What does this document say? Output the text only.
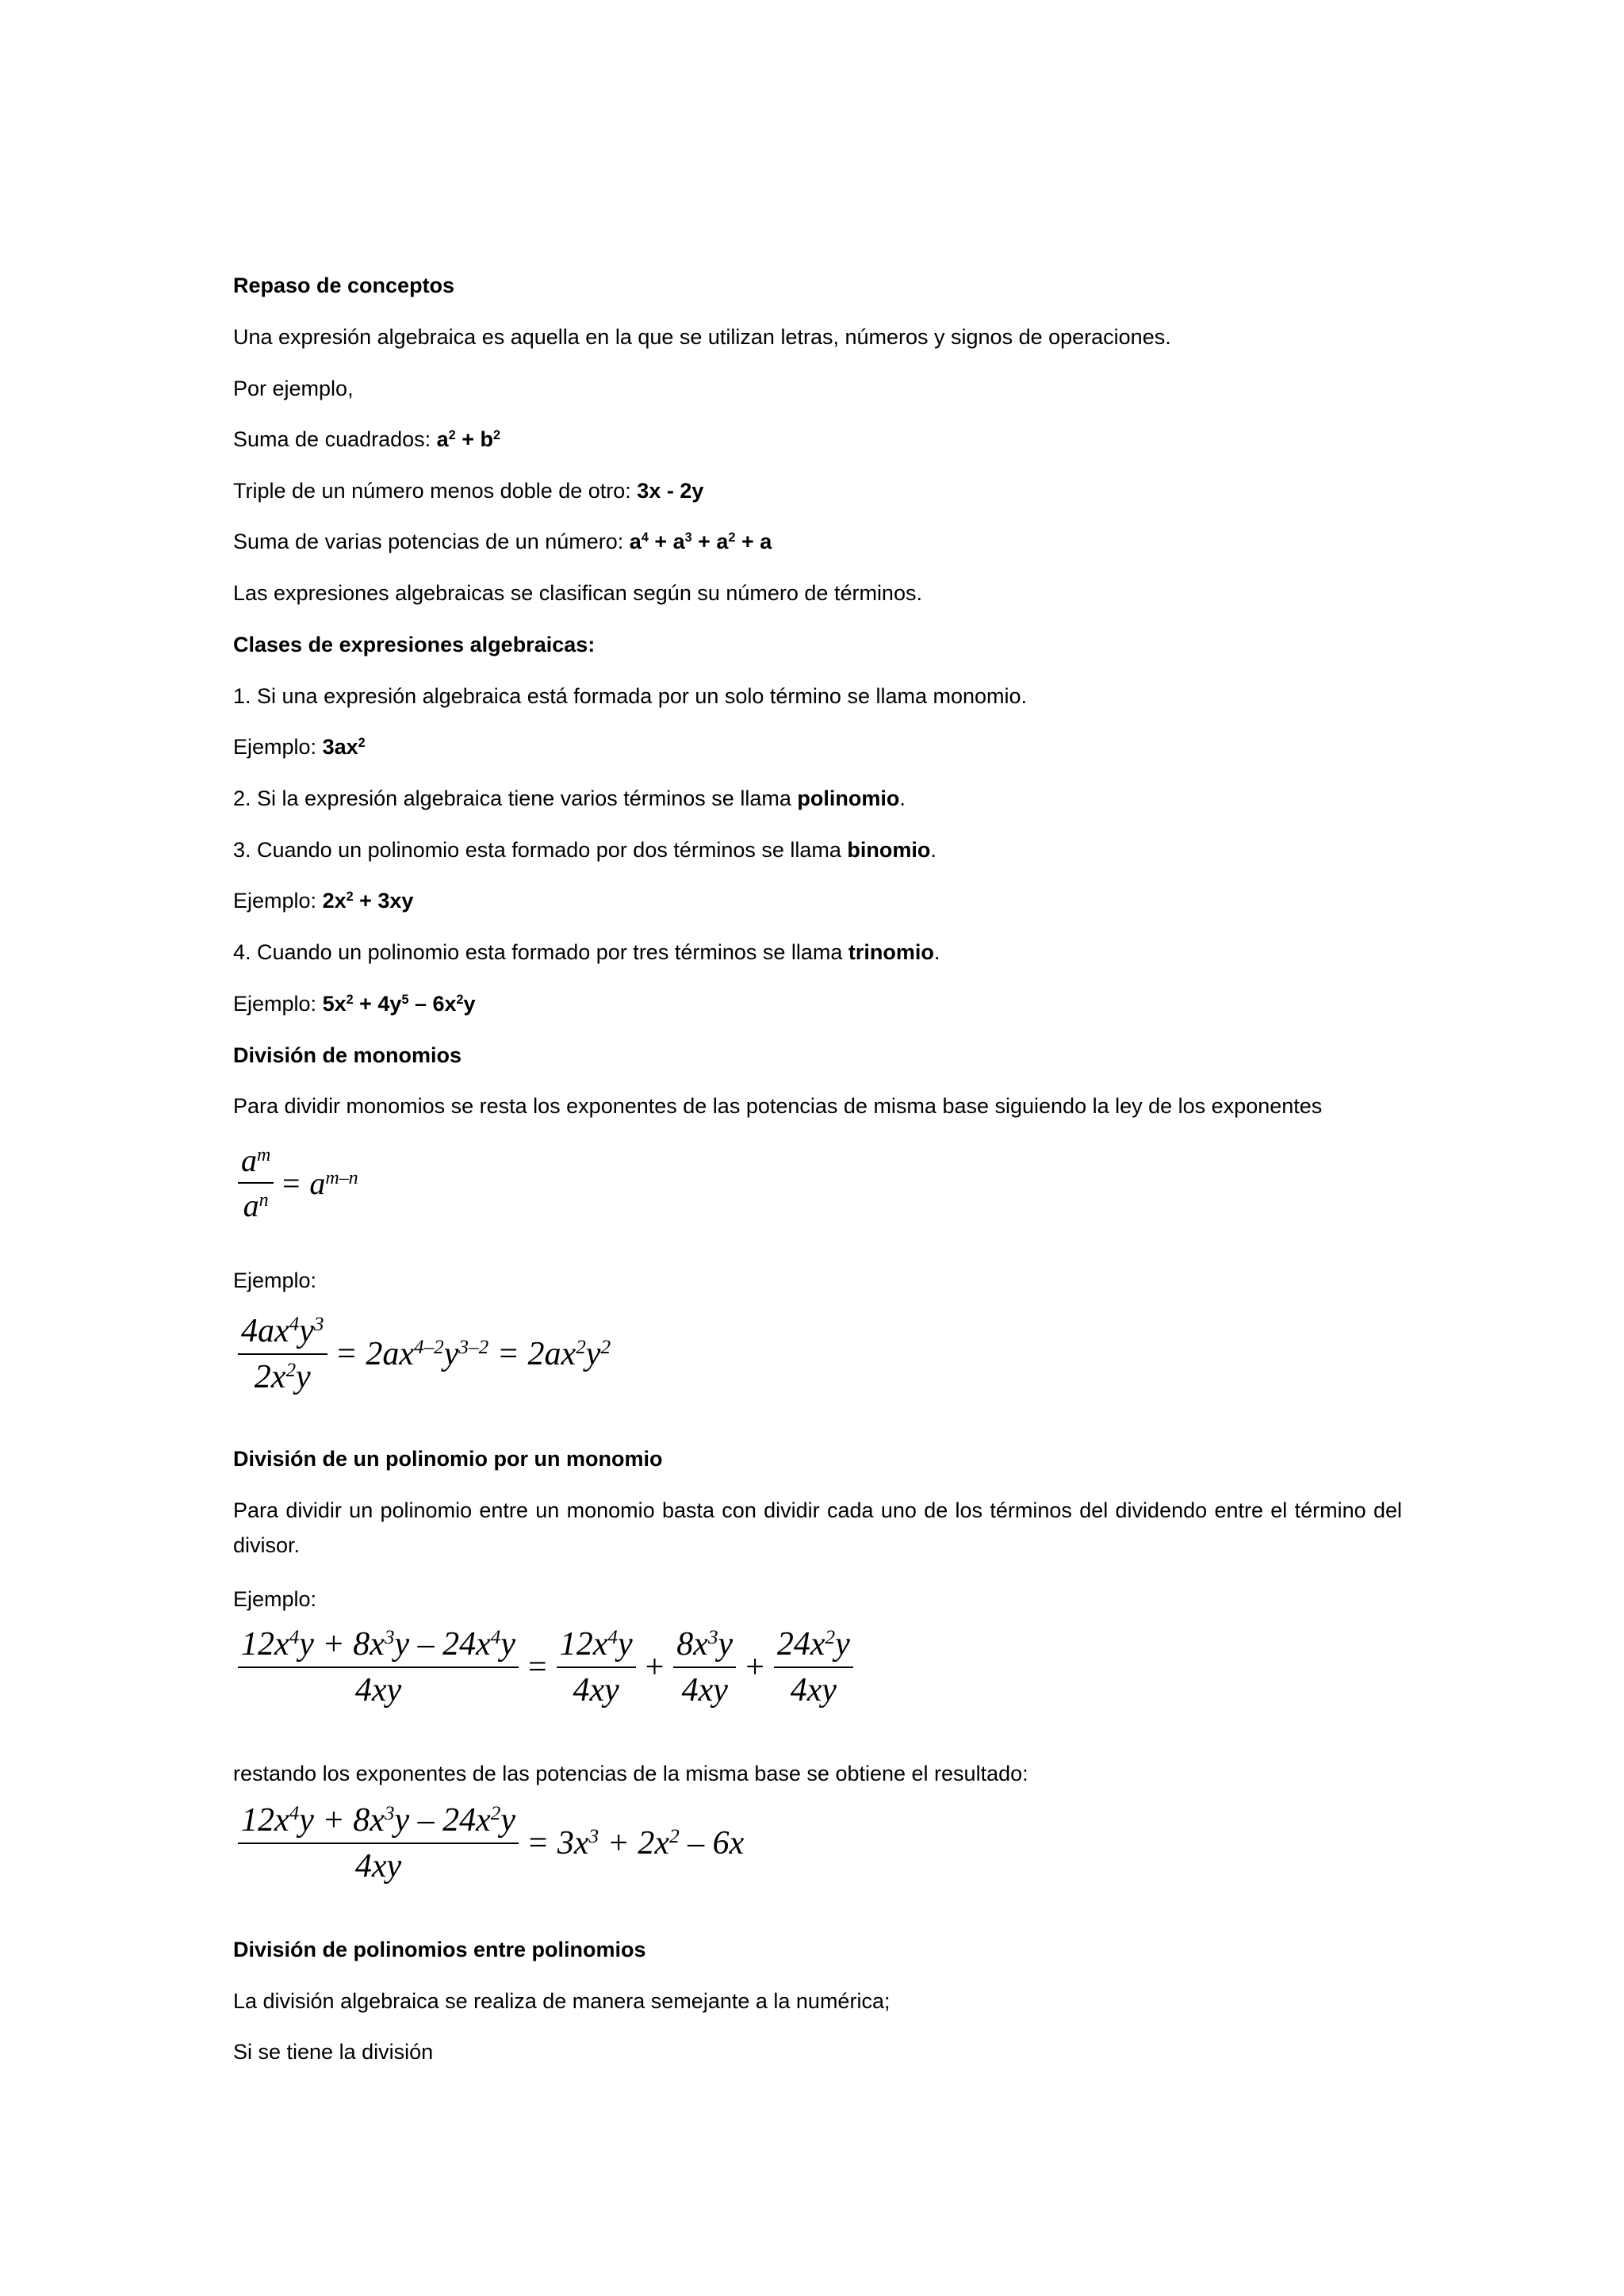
Repaso de conceptos
Una expresión algebraica es aquella en la que se utilizan letras, números y signos de operaciones.
Por ejemplo,
Suma de cuadrados: $a^2 + b^2$
Triple de un número menos doble de otro: 3x - 2y
Suma de varias potencias de un número: $a^4 + a^3 + a^2 + a$
Las expresiones algebraicas se clasifican según su número de términos.
Clases de expresiones algebraicas:
1. Si una expresión algebraica está formada por un solo término se llama monomio.
Ejemplo: $3ax^2$
2. Si la expresión algebraica tiene varios términos se llama polinomio.
3. Cuando un polinomio esta formado por dos términos se llama binomio.
Ejemplo: $2x^2 + 3xy$
4. Cuando un polinomio esta formado por tres términos se llama trinomio.
Ejemplo: $5x^2 + 4y^5 - 6x^2y$
División de monomios
Para dividir monomios se resta los exponentes de las potencias de misma base siguiendo la ley de los exponentes
$\frac{a^m}{a^n} = a^{m-n}$
Ejemplo:
$\frac{4ax^4y^3}{2x^2y} = 2ax^{4-2}y^{3-2} = 2ax^2y^2$
División de un polinomio por un monomio
Para dividir un polinomio entre un monomio basta con dividir cada uno de los términos del dividendo entre el término del divisor.
Ejemplo:
$\frac{12x^4y + 8x^3y - 24x^4y}{4xy} = \frac{12x^4y}{4xy} + \frac{8x^3y}{4xy} + \frac{24x^2y}{4xy}$
restando los exponentes de las potencias de la misma base se obtiene el resultado:
$\frac{12x^4y + 8x^3y - 24x^2y}{4xy} = 3x^3 + 2x^2 - 6x$
División de polinomios entre polinomios
La división algebraica se realiza de manera semejante a la numérica;
Si se tiene la división
